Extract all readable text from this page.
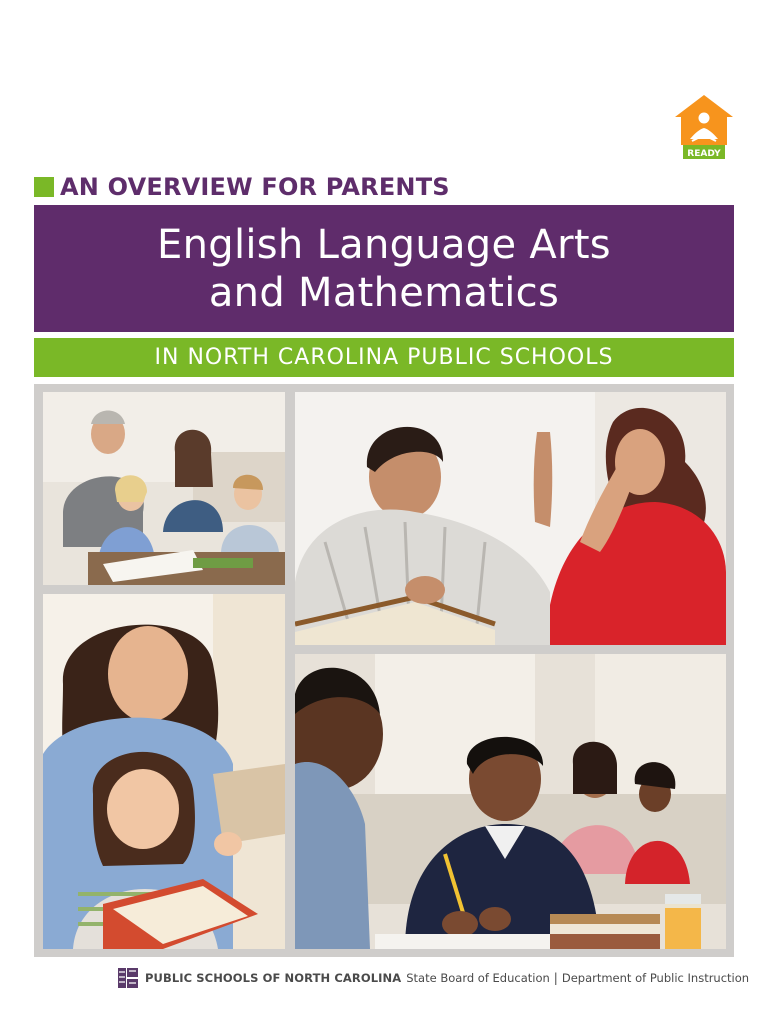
READY
AN OVERVIEW FOR PARENTS
English Language Arts
and Mathematics
IN NORTH CAROLINA PUBLIC SCHOOLS
PUBLIC SCHOOLS OF NORTH CAROLINA State Board of Education | Department of Public Instruction
